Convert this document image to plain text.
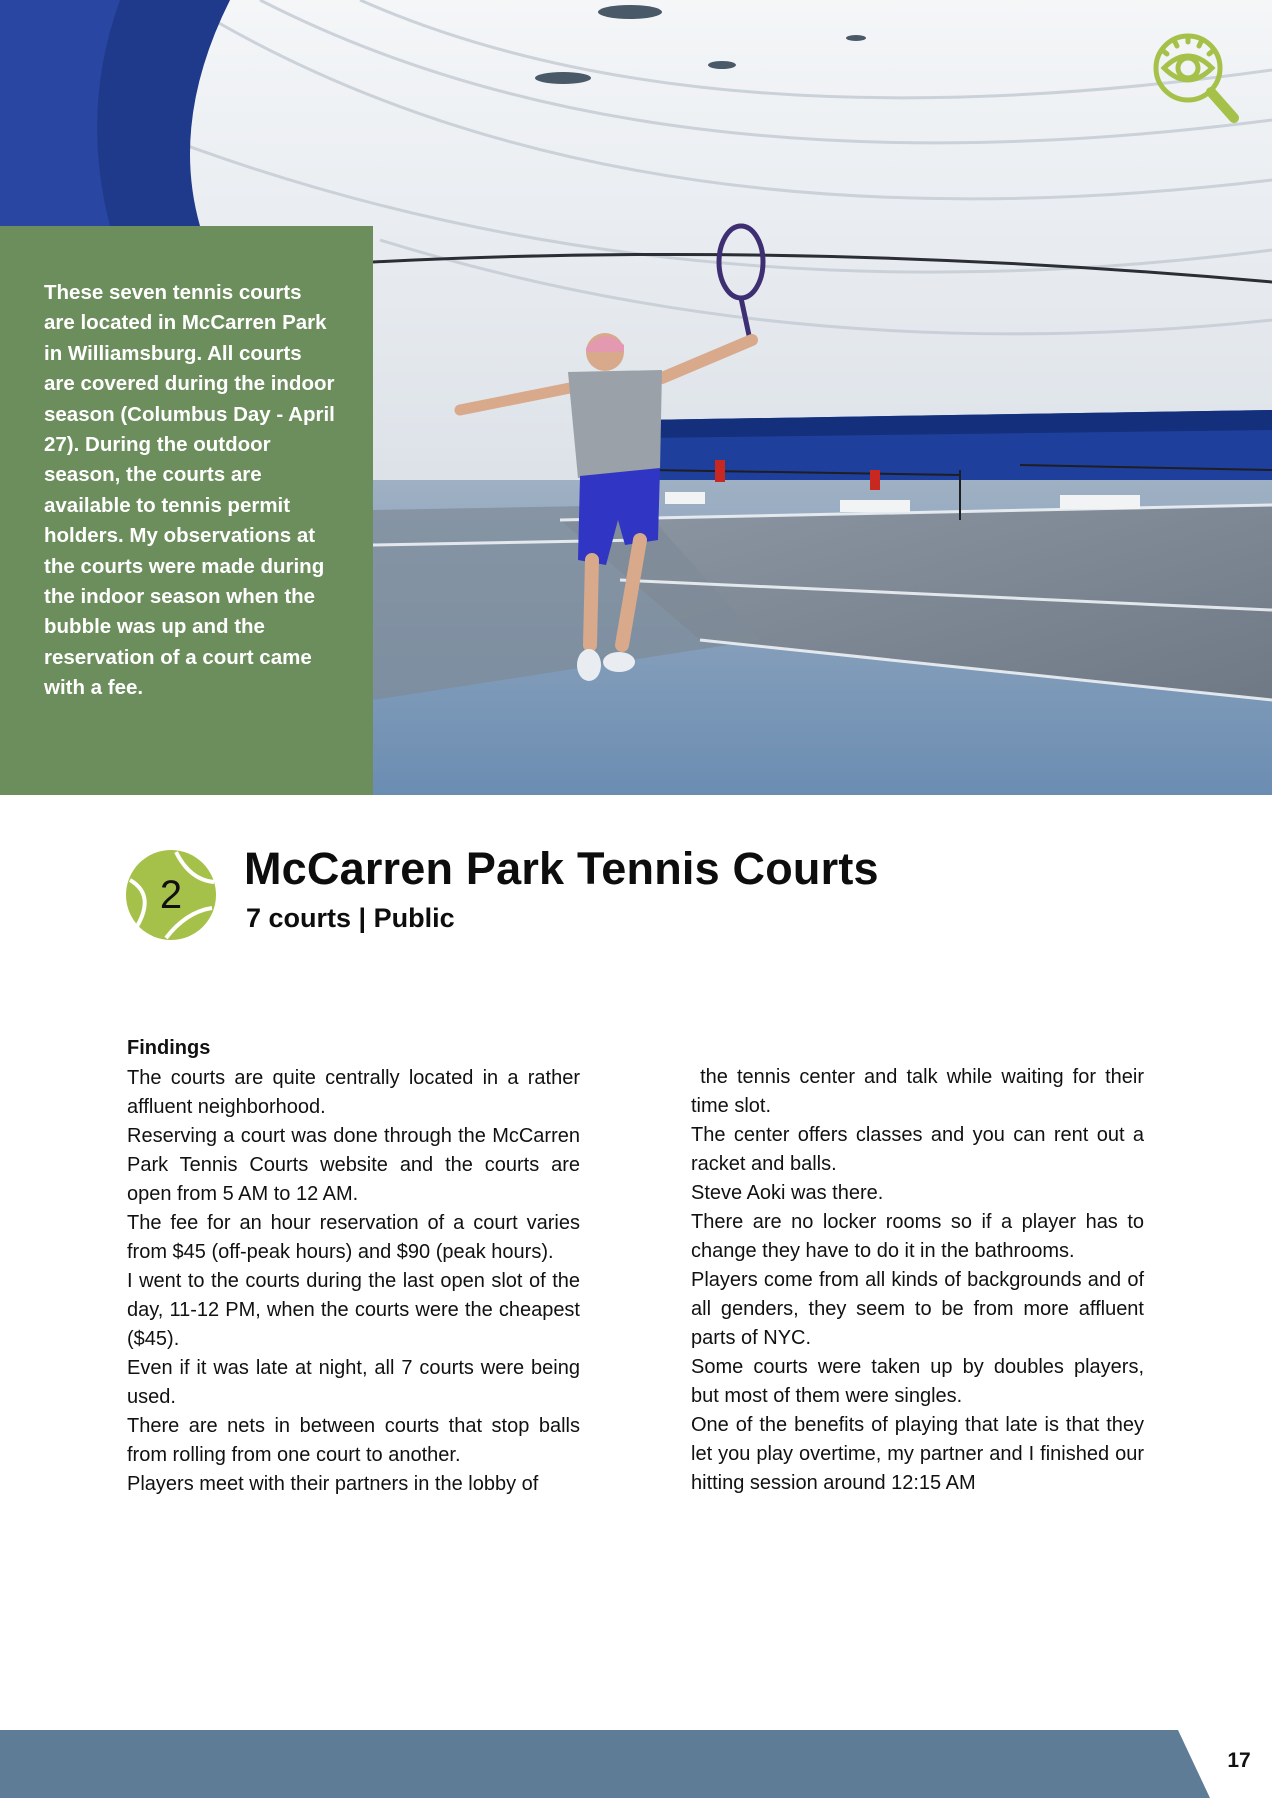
These seven tennis courts are located in McCarren Park in Williamsburg. All courts are covered during the indoor season (Columbus Day - April 27). During the outdoor season, the courts are available to tennis permit holders. My observations at the courts were made during the indoor season when the bubble was up and the reservation of a court came with a fee.

2
McCarren Park Tennis Courts
7 courts | Public
Findings

The courts are quite centrally located in a rather affluent neighborhood.

Reserving a court was done through the McCarren Park Tennis Courts website and the courts are open from 5 AM to 12 AM.

The fee for an hour reservation of a court varies from $45 (off-peak hours) and $90 (peak hours).

I went to the courts during the last open slot of the day, 11-12 PM, when the courts were the cheapest ($45).

Even if it was late at night, all 7 courts were being used.

There are nets in between courts that stop balls from rolling from one court to another.

Players meet with their partners in the lobby of

the tennis center and talk while waiting for their time slot.

The center offers classes and you can rent out a racket and balls.

Steve Aoki was there.

There are no locker rooms so if a player has to change they have to do it in the bathrooms.

Players come from all kinds of backgrounds and of all genders, they seem to be from more affluent parts of NYC.

Some courts were taken up by doubles players, but most of them were singles.

One of the benefits of playing that late is that they let you play overtime, my partner and I finished our hitting session around 12:15 AM

17
